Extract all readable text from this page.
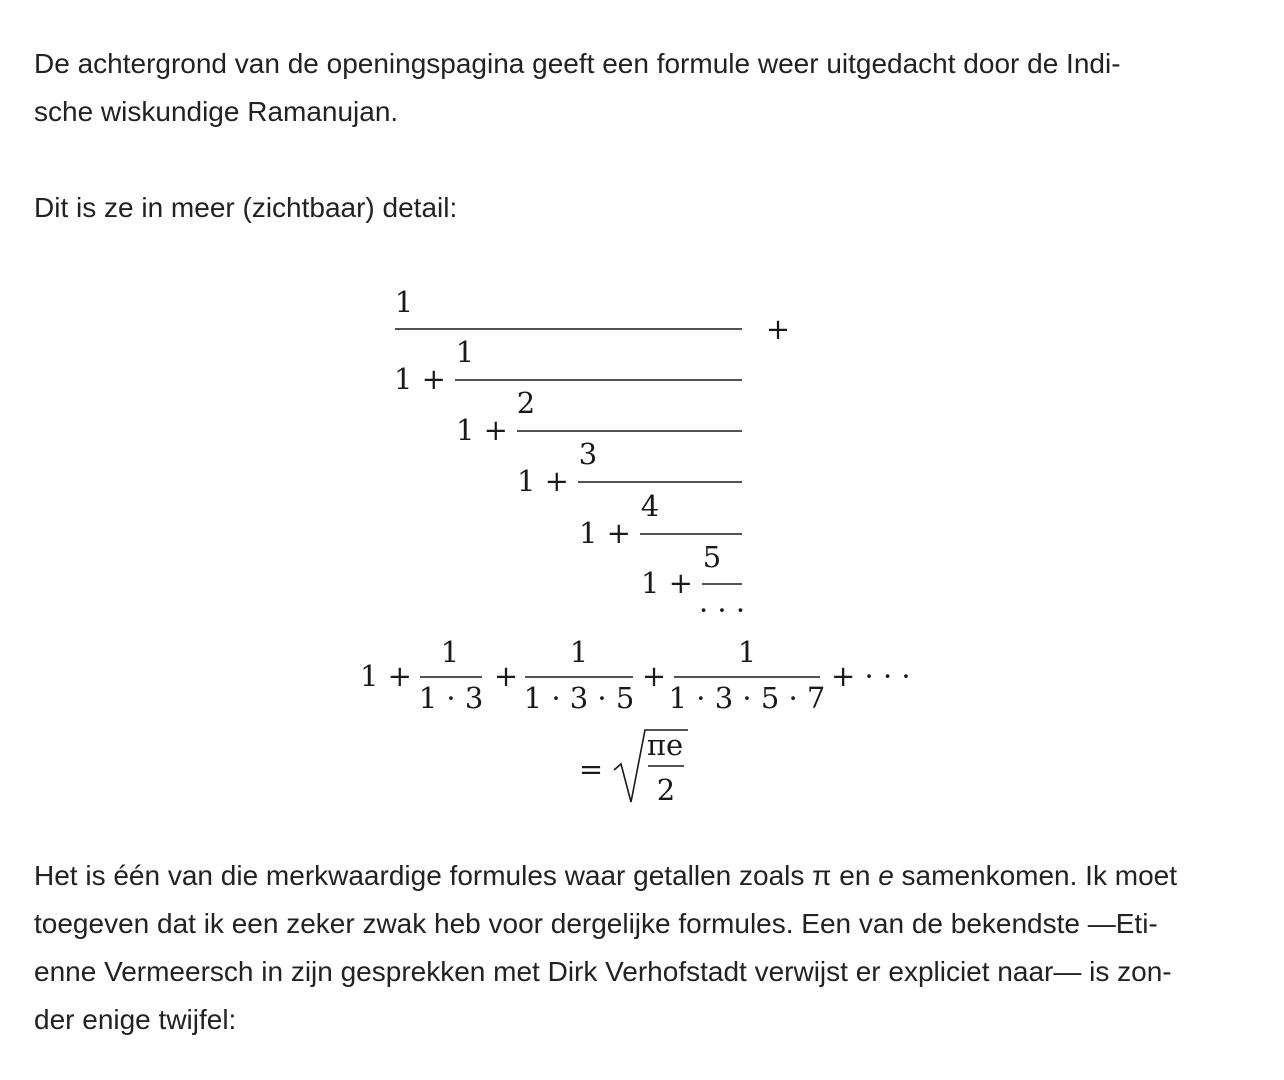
De achtergrond van de openingspagina geeft een formule weer uitgedacht door de Indi-
sche wiskundige Ramanujan.

Dit is ze in meer (zichtbaar) detail:

1
+
1 +
1
1 +
2
1 +
3
1 +
4
1 +
5
· · ·
1 +
1
1 · 3
+
1
1 · 3 · 5
+
1
1 · 3 · 5 · 7
+ · · ·
=
πe
2

Het is één van die merkwaardige formules waar getallen zoals π en e samenkomen. Ik moet
toegeven dat ik een zeker zwak heb voor dergelijke formules. Een van de bekendste —Eti-
enne Vermeersch in zijn gesprekken met Dirk Verhofstadt verwijst er expliciet naar— is zon-
der enige twijfel:
